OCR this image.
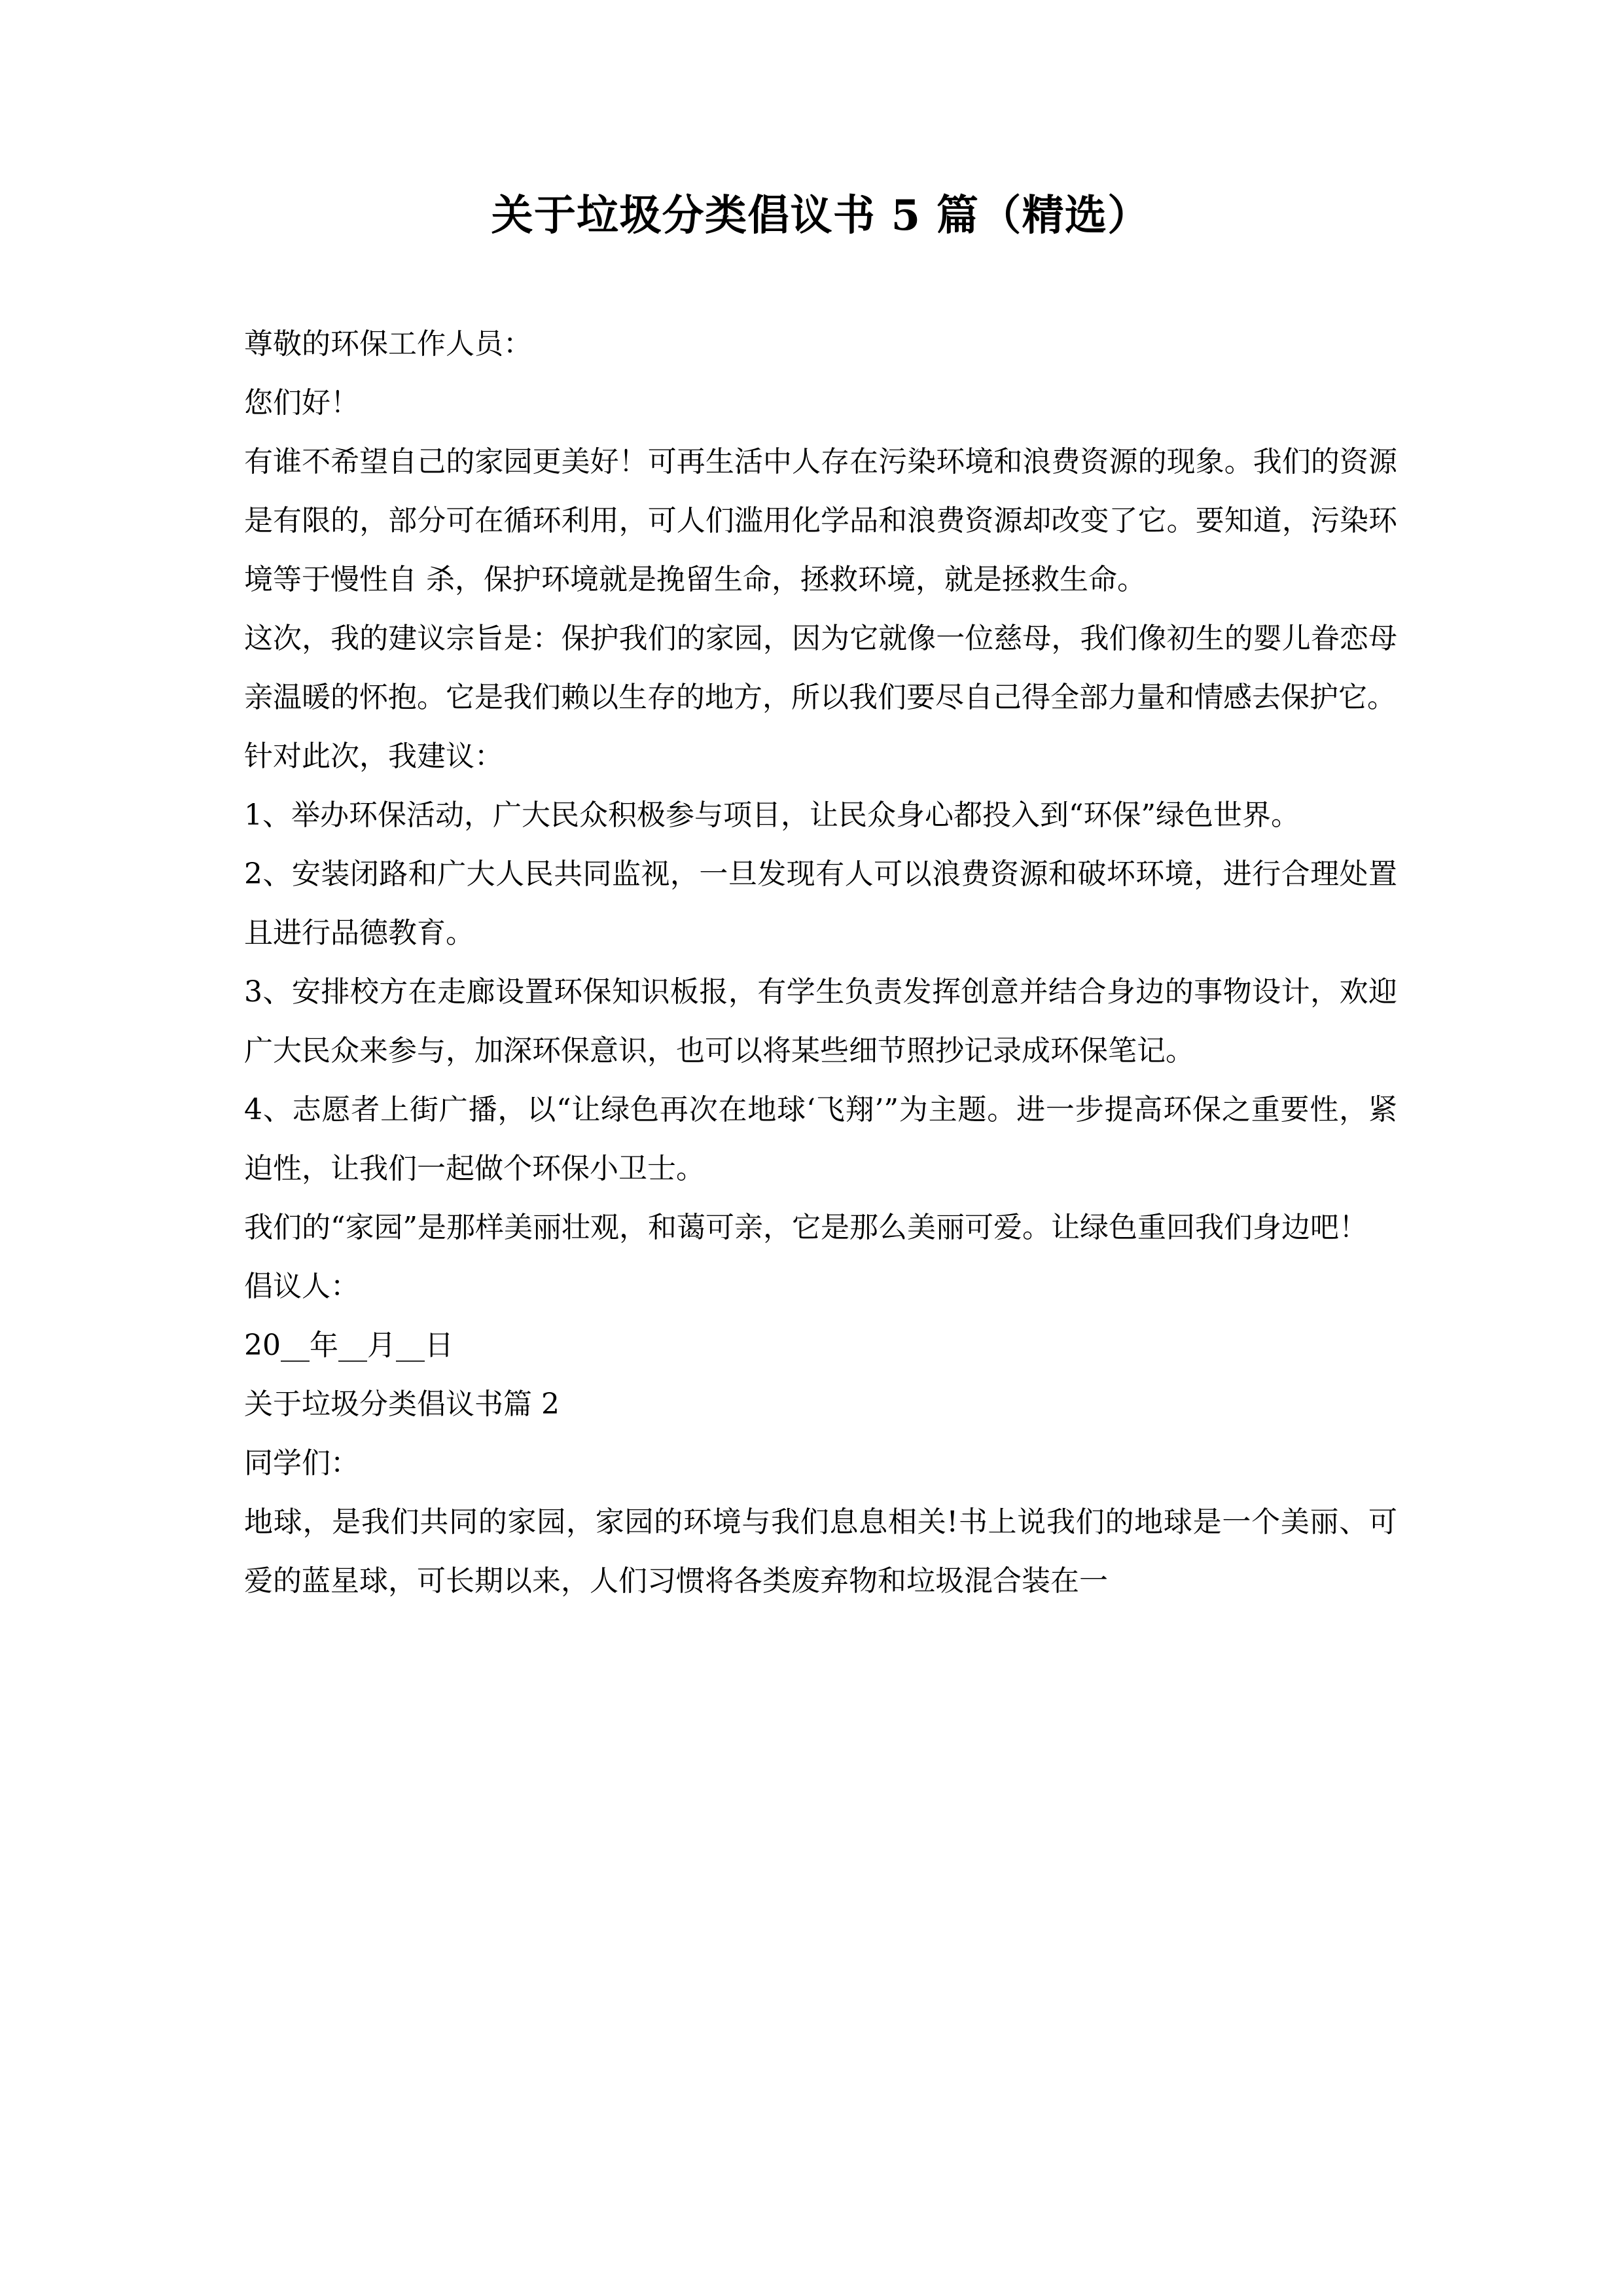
关于垃圾分类倡议书 5 篇（精选）

尊敬的环保工作人员：

您们好！

有谁不希望自己的家园更美好！可再生活中人存在污染环境和浪费资源的现象。我们的资源是有限的，部分可在循环利用，可人们滥用化学品和浪费资源却改变了它。要知道，污染环境等于慢性自 杀，保护环境就是挽留生命，拯救环境，就是拯救生命。

这次，我的建议宗旨是：保护我们的家园，因为它就像一位慈母，我们像初生的婴儿眷恋母亲温暖的怀抱。它是我们赖以生存的地方，所以我们要尽自己得全部力量和情感去保护它。

针对此次，我建议：

1、举办环保活动，广大民众积极参与项目，让民众身心都投入到“环保”绿色世界。

2、安装闭路和广大人民共同监视，一旦发现有人可以浪费资源和破坏环境，进行合理处置且进行品德教育。

3、安排校方在走廊设置环保知识板报，有学生负责发挥创意并结合身边的事物设计，欢迎广大民众来参与，加深环保意识，也可以将某些细节照抄记录成环保笔记。

4、志愿者上街广播，以“让绿色再次在地球‘飞翔’”为主题。进一步提高环保之重要性，紧迫性，让我们一起做个环保小卫士。

我们的“家园”是那样美丽壮观，和蔼可亲，它是那么美丽可爱。让绿色重回我们身边吧！

倡议人：

20__年__月__日

关于垃圾分类倡议书篇 2

同学们：

地球，是我们共同的家园，家园的环境与我们息息相关!书上说我们的地球是一个美丽、可爱的蓝星球，可长期以来，人们习惯将各类废弃物和垃圾混合装在一
